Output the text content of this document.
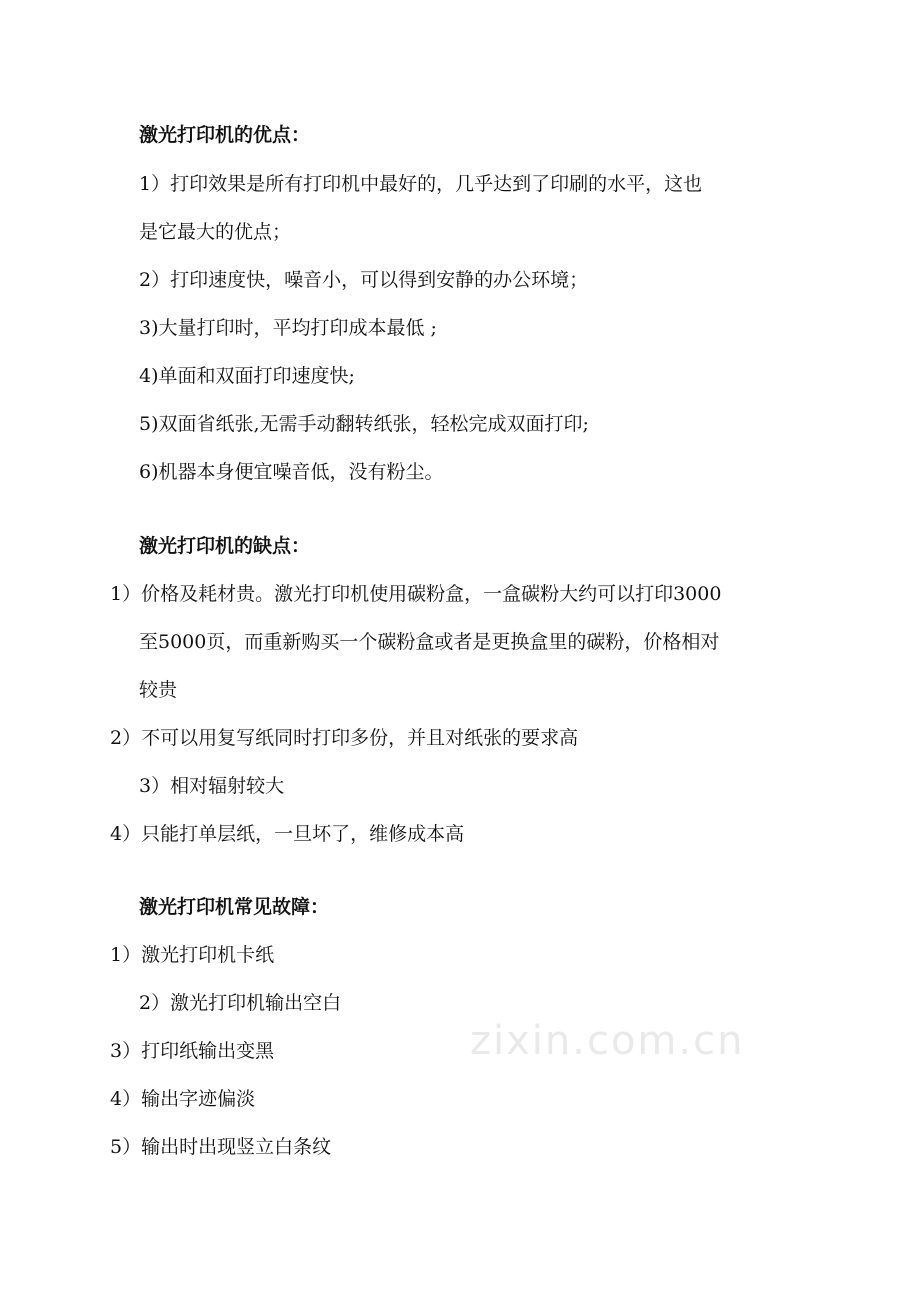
zixin.com.cn
激光打印机的优点：
1）打印效果是所有打印机中最好的，几乎达到了印刷的水平，这也
是它最大的优点；
2）打印速度快，噪音小，可以得到安静的办公环境；
3)大量打印时，平均打印成本最低 ;
4)单面和双面打印速度快;
5)双面省纸张,无需手动翻转纸张，轻松完成双面打印;
6)机器本身便宜噪音低，没有粉尘。
激光打印机的缺点：
1）价格及耗材贵。激光打印机使用碳粉盒，一盒碳粉大约可以打印3000
至5000页，而重新购买一个碳粉盒或者是更换盒里的碳粉，价格相对
较贵
2）不可以用复写纸同时打印多份，并且对纸张的要求高
3）相对辐射较大
4）只能打单层纸，一旦坏了，维修成本高
激光打印机常见故障：
1）激光打印机卡纸
2）激光打印机输出空白
3）打印纸输出变黑
4）输出字迹偏淡
5）输出时出现竖立白条纹
